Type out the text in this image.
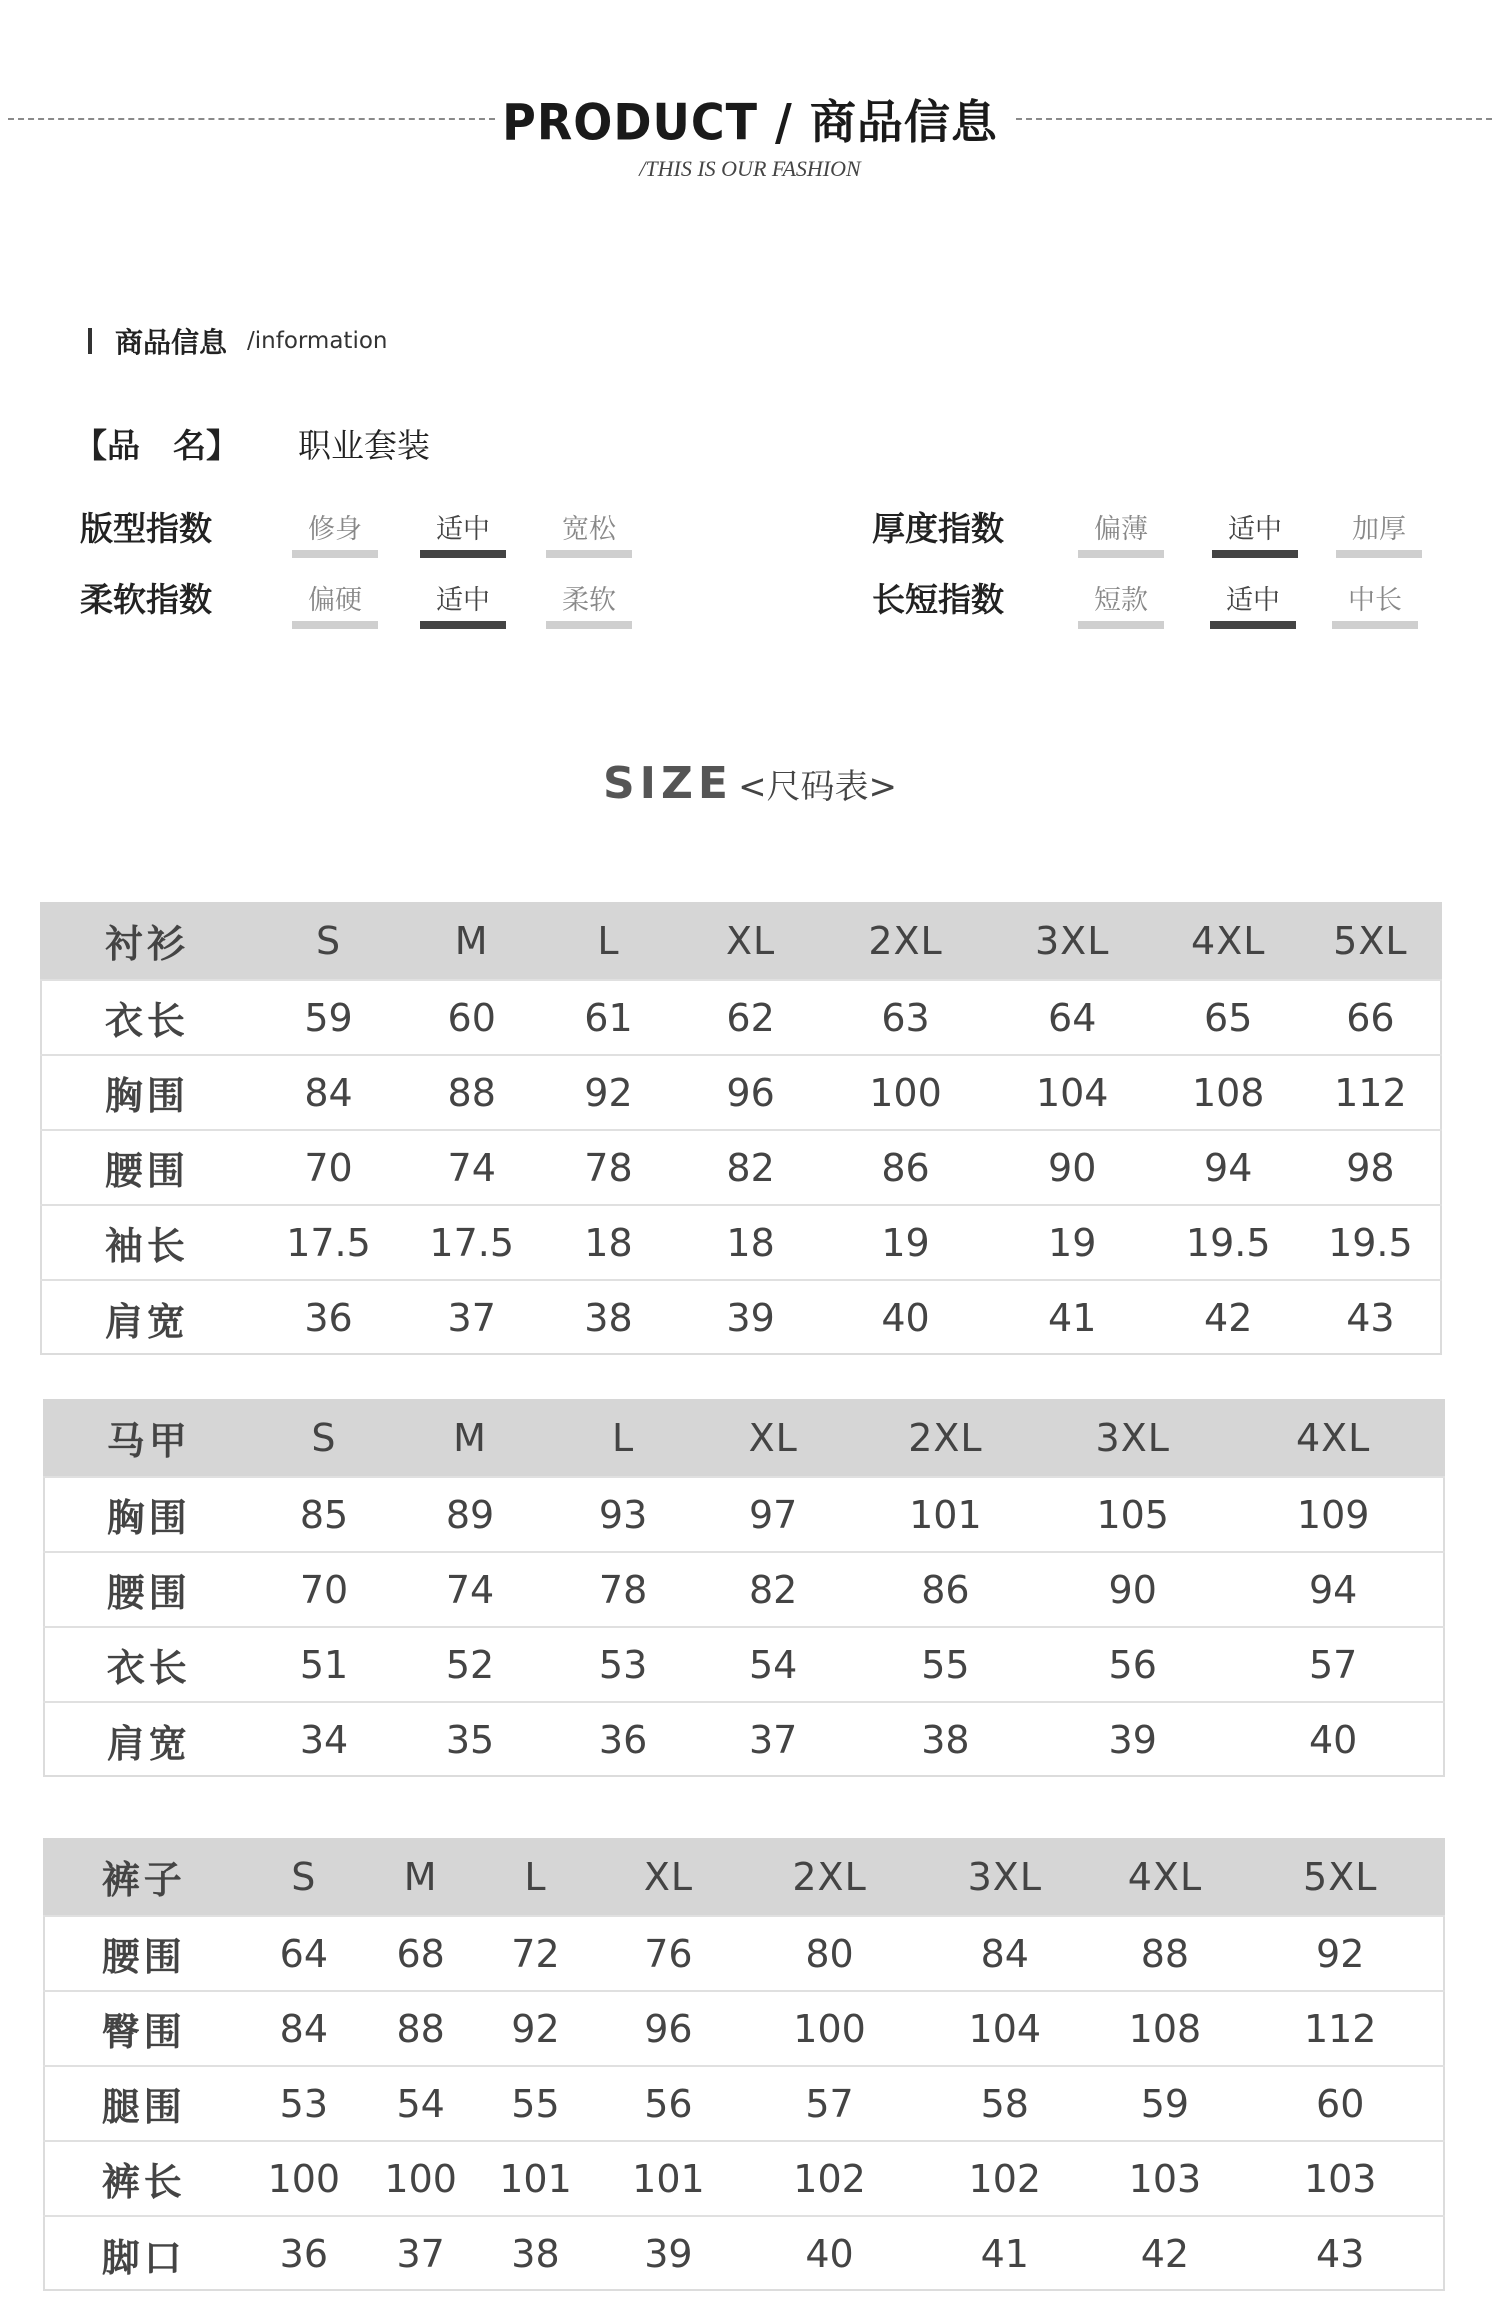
PRODUCT / 商品信息
/THIS IS OUR FASHION
商品信息 /information
【品　名】 职业套装
版型指数	修身	适中	宽松
柔软指数	偏硬	适中	柔软
厚度指数	偏薄	适中	加厚
长短指数	短款	适中	中长
SIZE <尺码表>
衬衫	S	M	L	XL	2XL	3XL	4XL	5XL
衣长	59	60	61	62	63	64	65	66
胸围	84	88	92	96	100	104	108	112
腰围	70	74	78	82	86	90	94	98
袖长	17.5	17.5	18	18	19	19	19.5	19.5
肩宽	36	37	38	39	40	41	42	43
马甲	S	M	L	XL	2XL	3XL	4XL
胸围	85	89	93	97	101	105	109
腰围	70	74	78	82	86	90	94
衣长	51	52	53	54	55	56	57
肩宽	34	35	36	37	38	39	40
裤子	S	M	L	XL	2XL	3XL	4XL	5XL
腰围	64	68	72	76	80	84	88	92
臀围	84	88	92	96	100	104	108	112
腿围	53	54	55	56	57	58	59	60
裤长	100	100	101	101	102	102	103	103
脚口	36	37	38	39	40	41	42	43
